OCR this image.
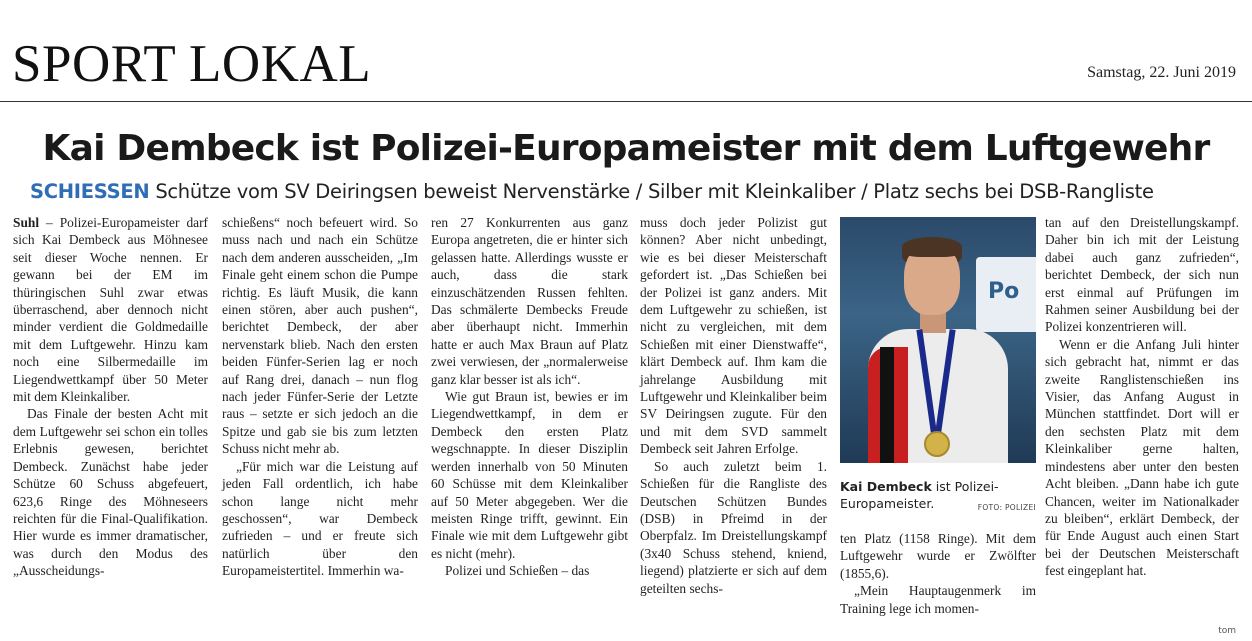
SPORT LOKAL	Samstag, 22. Juni 2019
Kai Dembeck ist Polizei-Europameister mit dem Luftgewehr
SCHIESSEN Schütze vom SV Deiringsen beweist Nervenstärke / Silber mit Kleinkaliber / Platz sechs bei DSB-Rangliste

Suhl – Polizei-Europameister darf sich Kai Dembeck aus Möhnesee seit dieser Woche nennen. Er gewann bei der EM im thüringischen Suhl zwar etwas überraschend, aber dennoch nicht minder verdient die Goldmedaille mit dem Luftgewehr. Hinzu kam noch eine Silbermedaille im Liegendwettkampf über 50 Meter mit dem Kleinkaliber.

Das Finale der besten Acht mit dem Luftgewehr sei schon ein tolles Erlebnis gewesen, berichtet Dembeck. Zunächst habe jeder Schütze 60 Schuss abgefeuert, 623,6 Ringe des Möhneseers reichten für die Final-Qualifikation. Hier wurde es immer dramatischer, was durch den Modus des „Ausscheidungs-

schießens“ noch befeuert wird. So muss nach und nach ein Schütze nach dem anderen ausscheiden, „Im Finale geht einem schon die Pumpe richtig. Es läuft Musik, die kann einen stören, aber auch pushen“, berichtet Dembeck, der aber nervenstark blieb. Nach den ersten beiden Fünfer-Serien lag er noch auf Rang drei, danach – nun flog nach jeder Fünfer-Serie der Letzte raus – setzte er sich jedoch an die Spitze und gab sie bis zum letzten Schuss nicht mehr ab.

„Für mich war die Leistung auf jeden Fall ordentlich, ich habe schon lange nicht mehr geschossen“, war Dembeck zufrieden – und er freute sich natürlich über den Europameistertitel. Immerhin wa-

ren 27 Konkurrenten aus ganz Europa angetreten, die er hinter sich gelassen hatte. Allerdings wusste er auch, dass die stark einzuschätzenden Russen fehlten. Das schmälerte Dembecks Freude aber überhaupt nicht. Immerhin hatte er auch Max Braun auf Platz zwei verwiesen, der „normalerweise ganz klar besser ist als ich“.

Wie gut Braun ist, bewies er im Liegendwettkampf, in dem er Dembeck den ersten Platz wegschnappte. In dieser Disziplin werden innerhalb von 50 Minuten 60 Schüsse mit dem Kleinkaliber auf 50 Meter abgegeben. Wer die meisten Ringe trifft, gewinnt. Ein Finale wie mit dem Luftgewehr gibt es nicht (mehr).

Polizei und Schießen – das

muss doch jeder Polizist gut können? Aber nicht unbedingt, wie es bei dieser Meisterschaft gefordert ist. „Das Schießen bei der Polizei ist ganz anders. Mit dem Luftgewehr zu schießen, ist nicht zu vergleichen, mit dem Schießen mit einer Dienstwaffe“, klärt Dembeck auf. Ihm kam die jahrelange Ausbildung mit Luftgewehr und Kleinkaliber beim SV Deiringsen zugute. Für den und mit dem SVD sammelt Dembeck seit Jahren Erfolge.

So auch zuletzt beim 1. Schießen für die Rangliste des Deutschen Schützen Bundes (DSB) in Pfreimd in der Oberpfalz. Im Dreistellungskampf (3x40 Schuss stehend, kniend, liegend) platzierte er sich auf dem geteilten sechs-

Po
Kai Dembeck ist Polizei-Europameister.	FOTO: POLIZEI

ten Platz (1158 Ringe). Mit dem Luftgewehr wurde er Zwölfter (1855,6).

„Mein Hauptaugenmerk im Training lege ich momen-

tan auf den Dreistellungskampf. Daher bin ich mit der Leistung dabei auch ganz zufrieden“, berichtet Dembeck, der sich nun erst einmal auf Prüfungen im Rahmen seiner Ausbildung bei der Polizei konzentrieren will.

Wenn er die Anfang Juli hinter sich gebracht hat, nimmt er das zweite Ranglistenschießen ins Visier, das Anfang August in München stattfindet. Dort will er den sechsten Platz mit dem Kleinkaliber gerne halten, mindestens aber unter den besten Acht bleiben. „Dann habe ich gute Chancen, weiter im Nationalkader zu bleiben“, erklärt Dembeck, der für Ende August auch einen Start bei der Deutschen Meisterschaft fest eingeplant hat.

tom
